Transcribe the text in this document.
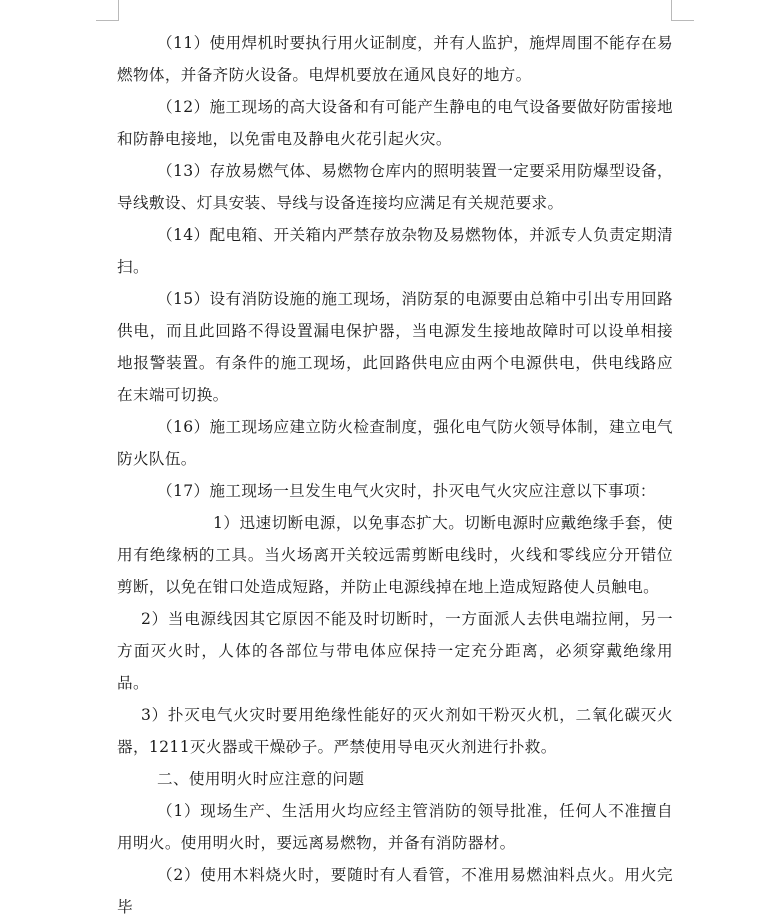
（11）使用焊机时要执行用火证制度，并有人监护，施焊周围不能存在易燃物体，并备齐防火设备。电焊机要放在通风良好的地方。

（12）施工现场的高大设备和有可能产生静电的电气设备要做好防雷接地和防静电接地，以免雷电及静电火花引起火灾。

（13）存放易燃气体、易燃物仓库内的照明装置一定要采用防爆型设备，导线敷设、灯具安装、导线与设备连接均应满足有关规范要求。

（14）配电箱、开关箱内严禁存放杂物及易燃物体，并派专人负责定期清扫。

（15）设有消防设施的施工现场，消防泵的电源要由总箱中引出专用回路供电，而且此回路不得设置漏电保护器，当电源发生接地故障时可以设单相接地报警装置。有条件的施工现场，此回路供电应由两个电源供电，供电线路应在末端可切换。

（16）施工现场应建立防火检查制度，强化电气防火领导体制，建立电气防火队伍。

（17）施工现场一旦发生电气火灾时，扑灭电气火灾应注意以下事项：

1）迅速切断电源，以免事态扩大。切断电源时应戴绝缘手套，使用有绝缘柄的工具。当火场离开关较远需剪断电线时，火线和零线应分开错位剪断，以免在钳口处造成短路，并防止电源线掉在地上造成短路使人员触电。

2）当电源线因其它原因不能及时切断时，一方面派人去供电端拉闸，另一方面灭火时，人体的各部位与带电体应保持一定充分距离，必须穿戴绝缘用品。

3）扑灭电气火灾时要用绝缘性能好的灭火剂如干粉灭火机，二氧化碳灭火器，1211灭火器或干燥砂子。严禁使用导电灭火剂进行扑救。

二、使用明火时应注意的问题

（1）现场生产、生活用火均应经主管消防的领导批准，任何人不准擅自用明火。使用明火时，要远离易燃物，并备有消防器材。

（2）使用木料烧火时，要随时有人看管，不准用易燃油料点火。用火完毕
